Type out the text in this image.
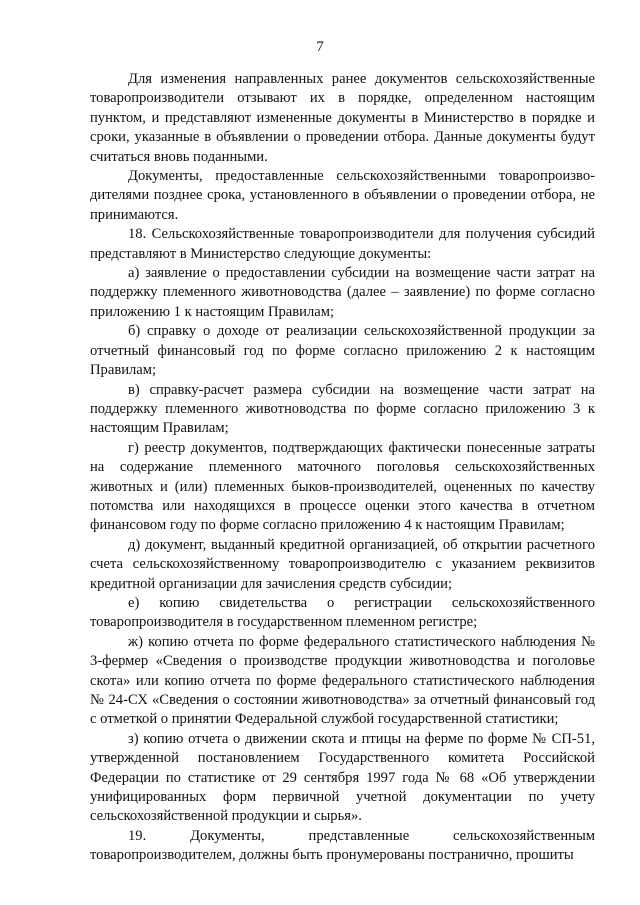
7

Для изменения направленных ранее документов сельскохозяйственные товаропроизводители отзывают их в порядке, определенном настоящим пунктом, и представляют измененные документы в Министерство в порядке и сроки, указанные в объявлении о проведении отбора. Данные документы будут считаться вновь поданными.

Документы, предоставленные сельскохозяйственными товаропроизводителями позднее срока, установленного в объявлении о проведении отбора, не принимаются.

18. Сельскохозяйственные товаропроизводители для получения субсидий представляют в Министерство следующие документы:

а) заявление о предоставлении субсидии на возмещение части затрат на поддержку племенного животноводства (далее – заявление) по форме согласно приложению 1 к настоящим Правилам;

б) справку о доходе от реализации сельскохозяйственной продукции за отчетный финансовый год по форме согласно приложению 2 к настоящим Правилам;

в) справку-расчет размера субсидии на возмещение части затрат на поддержку племенного животноводства по форме согласно приложению 3 к настоящим Правилам;

г) реестр документов, подтверждающих фактически понесенные затраты на содержание племенного маточного поголовья сельскохозяйственных животных и (или) племенных быков-производителей, оцененных по качеству потомства или находящихся в процессе оценки этого качества в отчетном финансовом году по форме согласно приложению 4 к настоящим Правилам;

д) документ, выданный кредитной организацией, об открытии расчетного счета сельскохозяйственному товаропроизводителю с указанием реквизитов кредитной организации для зачисления средств субсидии;

е) копию свидетельства о регистрации сельскохозяйственного товаропроизводителя в государственном племенном регистре;

ж) копию отчета по форме федерального статистического наблюдения № 3-фермер «Сведения о производстве продукции животноводства и поголовье скота» или копию отчета по форме федерального статистического наблюдения № 24-СХ «Сведения о состоянии животноводства» за отчетный финансовый год с отметкой о принятии Федеральной службой государственной статистики;

з) копию отчета о движении скота и птицы на ферме по форме № СП-51, утвержденной постановлением Государственного комитета Российской Федерации по статистике от 29 сентября 1997 года № 68 «Об утверждении унифицированных форм первичной учетной документации по учету сельскохозяйственной продукции и сырья».

19. Документы, представленные сельскохозяйственным товаропроизводителем, должны быть пронумерованы постранично, прошиты
